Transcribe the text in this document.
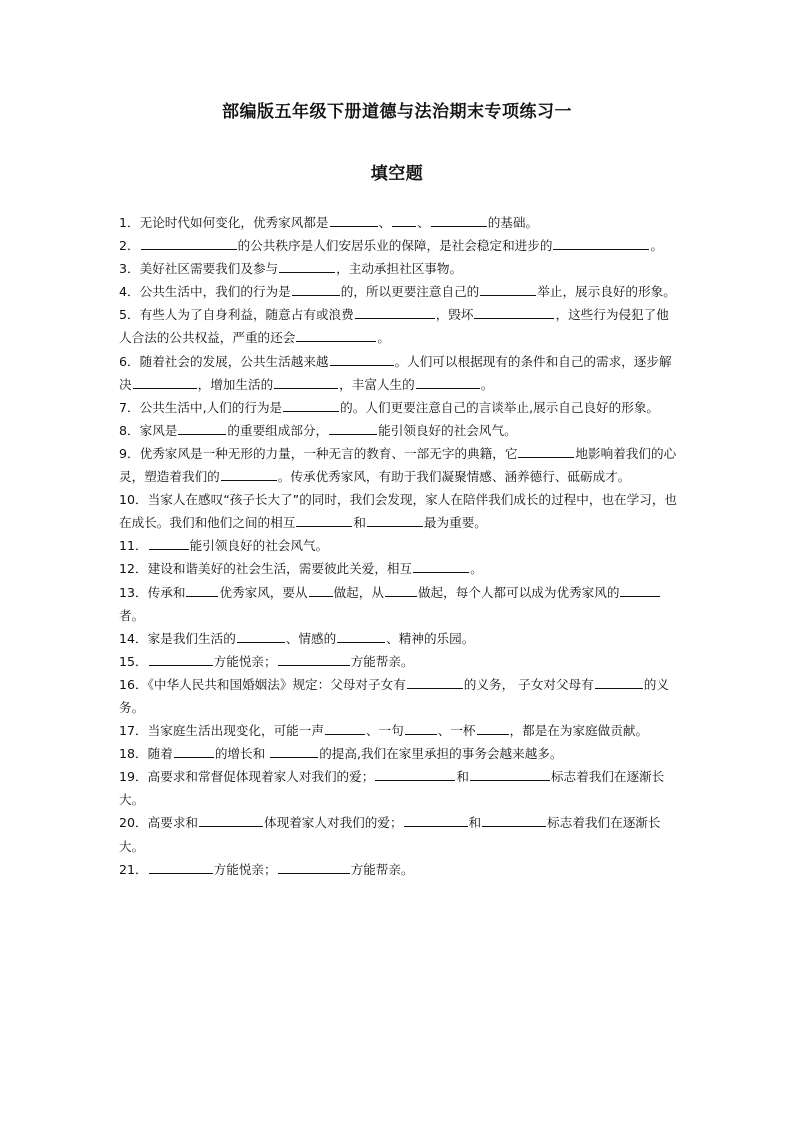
部编版五年级下册道德与法治期末专项练习一
填空题

1．无论时代如何变化，优秀家风都是	、 、	的基础。

2．	的公共秩序是人们安居乐业的保障，是社会稳定和进步的	。

3．美好社区需要我们及参与	，主动承担社区事物。

4．公共生活中，我们的行为是	的，所以更要注意自己的	举止，展示良好的形象。

5．有些人为了自身利益，随意占有或浪费	，毁坏	，这些行为侵犯了他人合法的公共权益，严重的还会	。

6．随着社会的发展，公共生活越来越	。人们可以根据现有的条件和自己的需求，逐步解决	，增加生活的	，丰富人生的	。

7．公共生活中,人们的行为是	的。人们更要注意自己的言谈举止,展示自己良好的形象。

8．家风是	的重要组成部分，	能引领良好的社会风气。

9．优秀家风是一种无形的力量，一种无言的教育、一部无字的典籍，它	地影响着我们的心灵，塑造着我们的	。传承优秀家风，有助于我们凝聚情感、涵养德行、砥砺成才。

10．当家人在感叹“孩子长大了”的同时，我们会发现，家人在陪伴我们成长的过程中，也在学习，也在成长。我们和他们之间的相互	和	最为重要。

11．	能引领良好的社会风气。

12．建设和谐美好的社会生活，需要彼此关爱，相互	。

13．传承和	优秀家风，要从 做起，从	做起，每个人都可以成为优秀家风的者。

14．家是我们生活的	、情感的	、精神的乐园。

15．	方能悦亲；	方能帮亲。

16．《中华人民共和国婚姻法》规定：父母对子女有	的义务， 子女对父母有	的义务。

17．当家庭生活出现变化，可能一声	、一句	、一杯	，都是在为家庭做贡献。

18．随着	的增长和	的提高,我们在家里承担的事务会越来越多。

19．高要求和常督促体现着家人对我们的爱；	和	标志着我们在逐渐长大。

20．高要求和	体现着家人对我们的爱；	和	标志着我们在逐渐长大。

21．	方能悦亲；	方能帮亲。
